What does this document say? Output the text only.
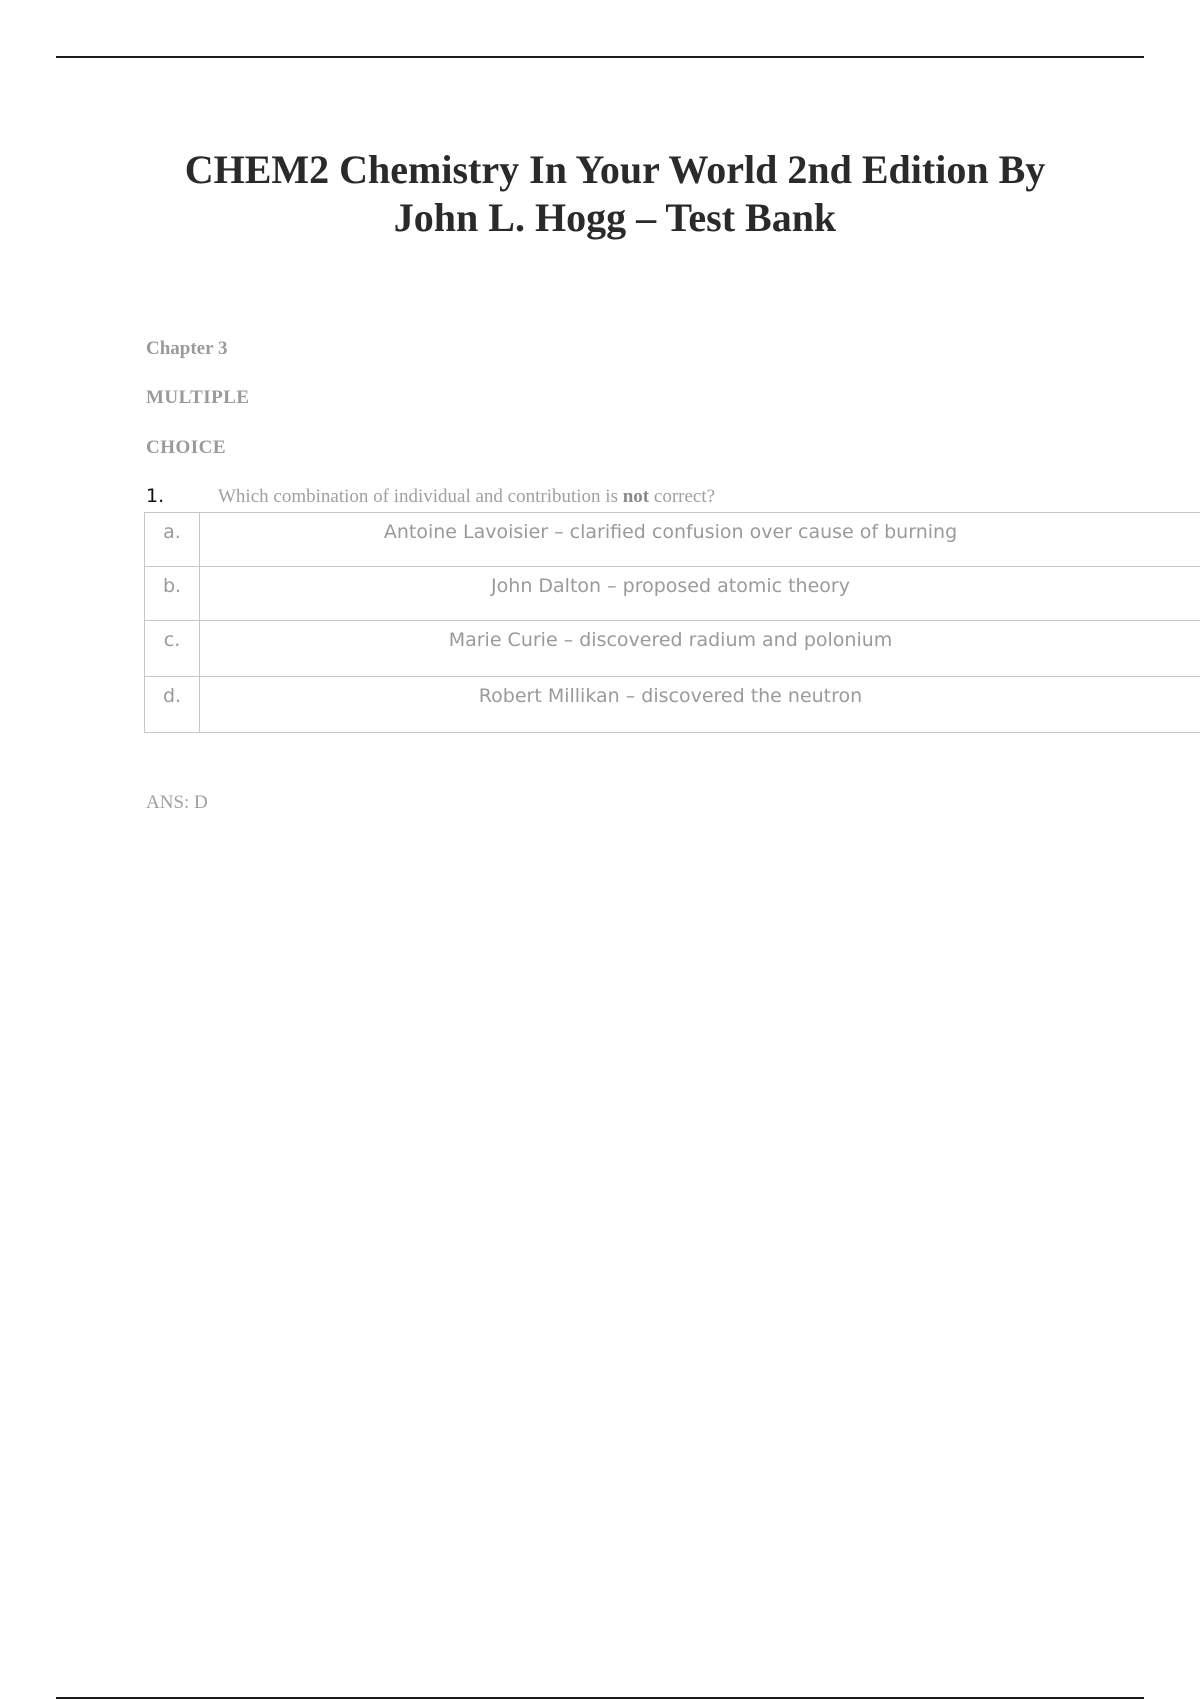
CHEM2 Chemistry In Your World 2nd Edition By
John L. Hogg – Test Bank

Chapter 3

MULTIPLE

CHOICE

1.	Which combination of individual and contribution is not correct?
a.	Antoine Lavoisier – clarified confusion over cause of burning
b.	John Dalton – proposed atomic theory
c.	Marie Curie – discovered radium and polonium
d.	Robert Millikan – discovered the neutron
ANS: D
